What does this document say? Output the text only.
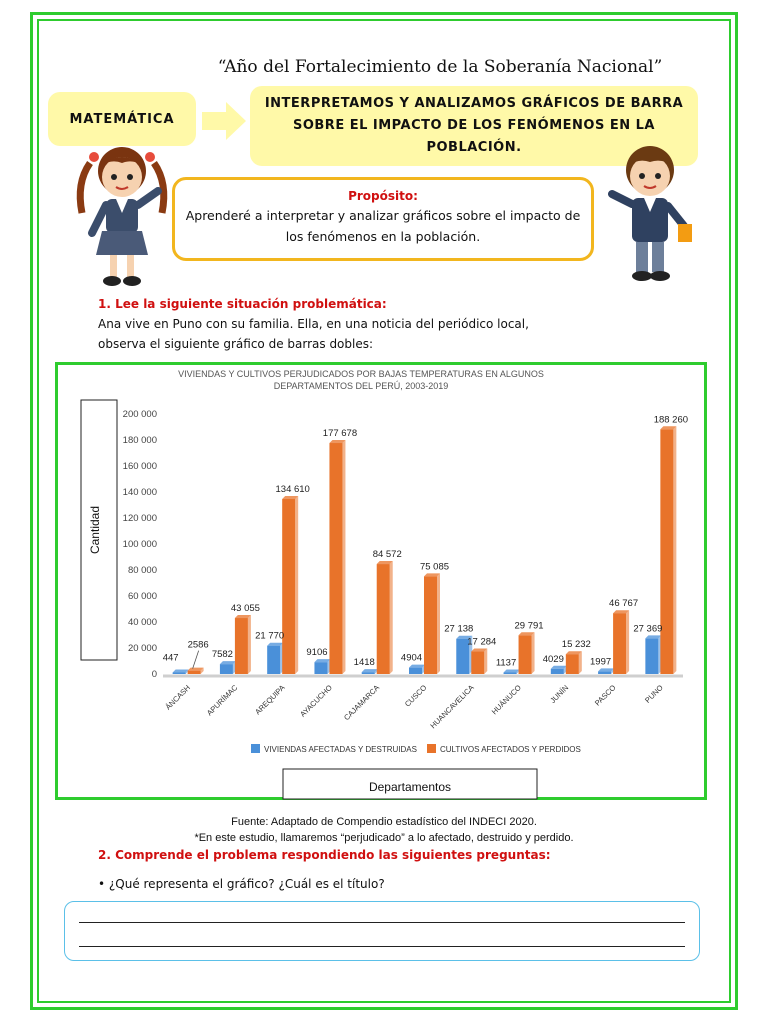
“Año del Fortalecimiento de la Soberanía Nacional”
MATEMÁTICA
INTERPRETAMOS Y ANALIZAMOS GRÁFICOS DE BARRA SOBRE EL IMPACTO DE LOS FENÓMENOS EN LA POBLACIÓN.
Propósito:
Aprenderé a interpretar y analizar gráficos sobre el impacto de los fenómenos en la población.
1. Lee la siguiente situación problemática:
Ana vive en Puno con su familia. Ella, en una noticia del periódico local, observa el siguiente gráfico de barras dobles:
VIVIENDAS Y CULTIVOS PERJUDICADOS POR BAJAS TEMPERATURAS EN ALGUNOS
DEPARTAMENTOS DEL PERÚ, 2003-2019
Cantidad
0
20 000
40 000
60 000
80 000
100 000
120 000
140 000
160 000
180 000
200 000
447
2586
ÁNCASH
7582
43 055
APURÍMAC
21 770
134 610
AREQUIPA
9106
177 678
AYACUCHO
1418
84 572
CAJAMARCA
4904
75 085
CUSCO
27 138
17 284
HUANCAVELICA
1137
29 791
HUÁNUCO
4029
15 232
JUNÍN
1997
46 767
PASCO
27 369
188 260
PUNO
VIVIENDAS AFECTADAS Y DESTRUIDAS	CULTIVOS AFECTADOS Y PERDIDOS
Departamentos
Fuente: Adaptado de Compendio estadístico del INDECI 2020.
*En este estudio, llamaremos “perjudicado” a lo afectado, destruido y perdido.
2. Comprende el problema respondiendo las siguientes preguntas:
• ¿Qué representa el gráfico? ¿Cuál es el título?
